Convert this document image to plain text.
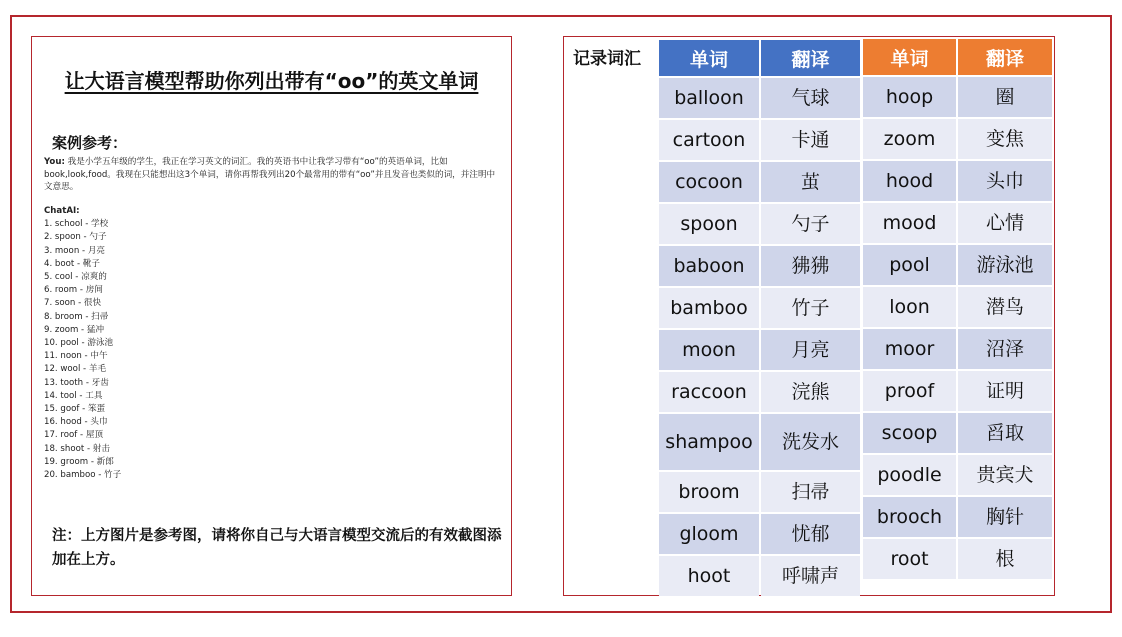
让大语言模型帮助你列出带有“oo”的英文单词
案例参考：
You: 我是小学五年级的学生，我正在学习英文的词汇。我的英语书中让我学习带有“oo”的英语单词，比如book,look,food。我现在只能想出这3个单词，请你再帮我列出20个最常用的带有“oo”并且发音也类似的词，并注明中文意思。
ChatAI:
1. school - 学校
2. spoon - 勺子
3. moon - 月亮
4. boot - 靴子
5. cool - 凉爽的
6. room - 房间
7. soon - 很快
8. broom - 扫帚
9. zoom - 猛冲
10. pool - 游泳池
11. noon - 中午
12. wool - 羊毛
13. tooth - 牙齿
14. tool - 工具
15. goof - 笨蛋
16. hood - 头巾
17. roof - 屋顶
18. shoot - 射击
19. groom - 新郎
20. bamboo - 竹子
注：上方图片是参考图，请将你自己与大语言模型交流后的有效截图添加在上方。
记录词汇	单词	翻译
balloon	气球
cartoon	卡通
cocoon	茧
spoon	勺子
baboon	狒狒
bamboo	竹子
moon	月亮
raccoon	浣熊
shampoo	洗发水
broom	扫帚
gloom	忧郁
hoot	呼啸声
单词	翻译
hoop	圈
zoom	变焦
hood	头巾
mood	心情
pool	游泳池
loon	潜鸟
moor	沼泽
proof	证明
scoop	舀取
poodle	贵宾犬
brooch	胸针
root	根
